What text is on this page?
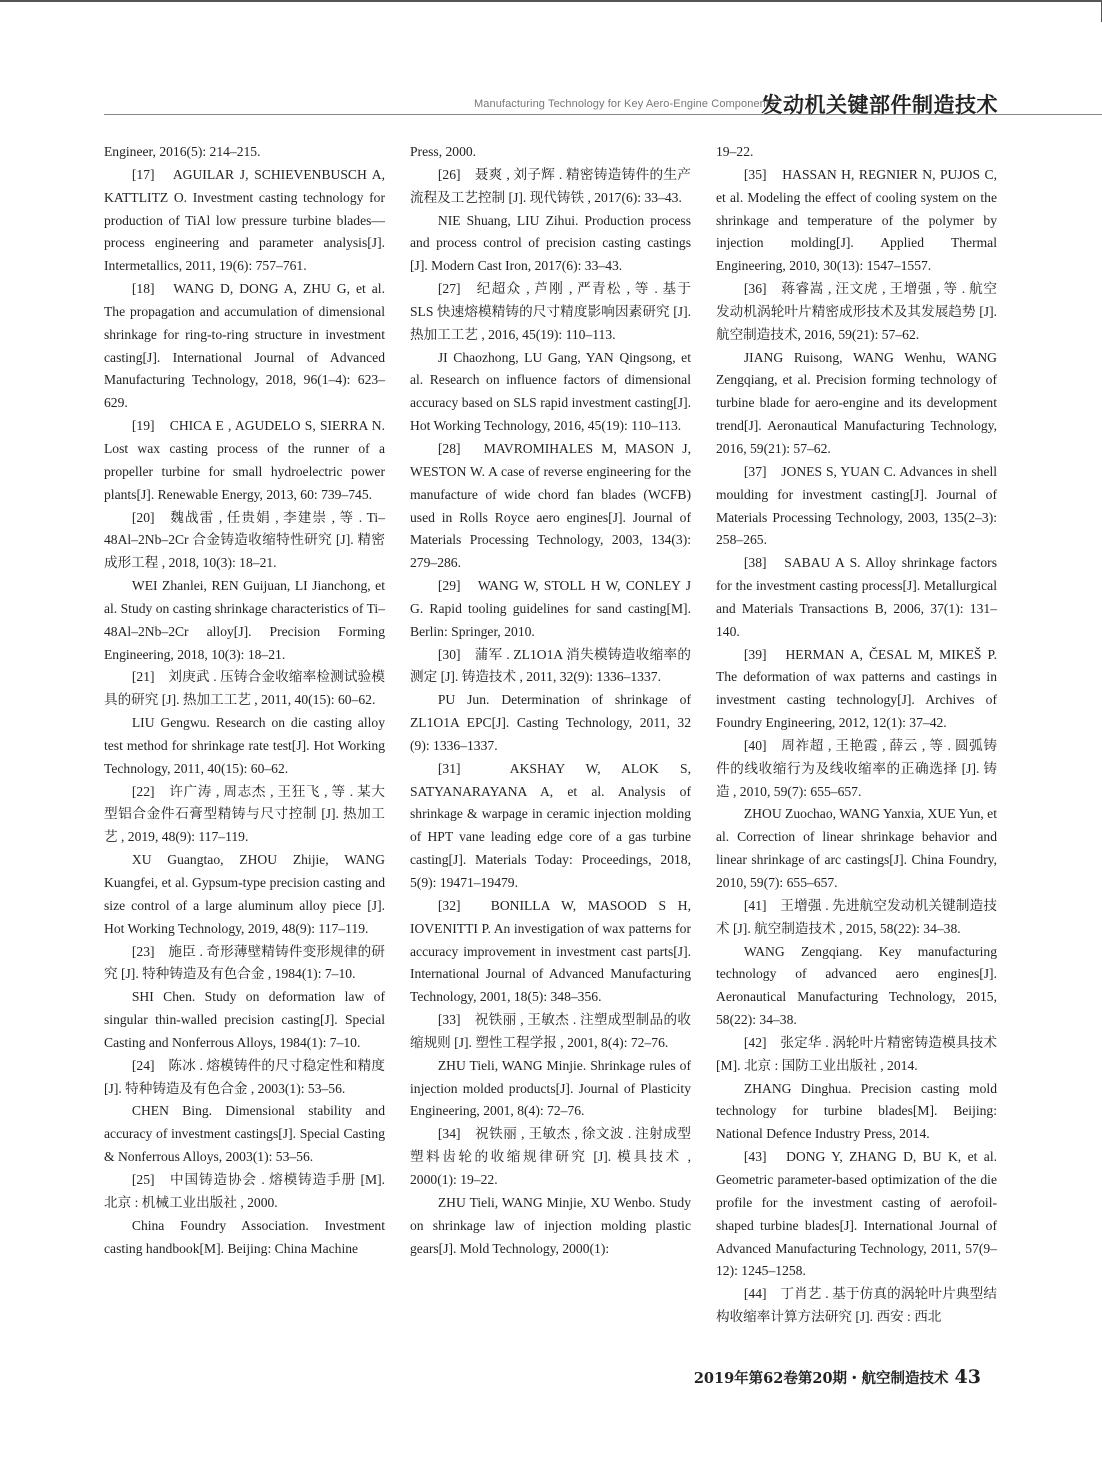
Manufacturing Technology for Key Aero-Engine Components
发动机关键部件制造技术

Engineer, 2016(5): 214–215.

[17]　AGUILAR J, SCHIEVENBUSCH A, KATTLITZ O. Investment casting technology for production of TiAl low pressure turbine blades—process engineering and parameter analysis[J]. Intermetallics, 2011, 19(6): 757–761.

[18]　WANG D, DONG A, ZHU G, et al. The propagation and accumulation of dimensional shrinkage for ring-to-ring structure in investment casting[J]. International Journal of Advanced Manufacturing Technology, 2018, 96(1–4): 623–629.

[19]　CHICA E , AGUDELO S, SIERRA N. Lost wax casting process of the runner of a propeller turbine for small hydroelectric power plants[J]. Renewable Energy, 2013, 60: 739–745.

[20]　魏战雷 , 任贵娟 , 李建崇 , 等 . Ti–48Al–2Nb–2Cr 合金铸造收缩特性研究 [J]. 精密成形工程 , 2018, 10(3): 18–21.

WEI Zhanlei, REN Guijuan, LI Jianchong, et al. Study on casting shrinkage characteristics of Ti–48Al–2Nb–2Cr alloy[J]. Precision Forming Engineering, 2018, 10(3): 18–21.

[21]　刘庚武 . 压铸合金收缩率检测试验模具的研究 [J]. 热加工工艺 , 2011, 40(15): 60–62.

LIU Gengwu. Research on die casting alloy test method for shrinkage rate test[J]. Hot Working Technology, 2011, 40(15): 60–62.

[22]　许广涛 , 周志杰 , 王狂飞 , 等 . 某大型铝合金件石膏型精铸与尺寸控制 [J]. 热加工艺 , 2019, 48(9): 117–119.

XU Guangtao, ZHOU Zhijie, WANG Kuangfei, et al. Gypsum-type precision casting and size control of a large aluminum alloy piece [J]. Hot Working Technology, 2019, 48(9): 117–119.

[23]　施臣 . 奇形薄壁精铸件变形规律的研究 [J]. 特种铸造及有色合金 , 1984(1): 7–10.

SHI Chen. Study on deformation law of singular thin-walled precision casting[J]. Special Casting and Nonferrous Alloys, 1984(1): 7–10.

[24]　陈冰 . 熔模铸件的尺寸稳定性和精度 [J]. 特种铸造及有色合金 , 2003(1): 53–56.

CHEN Bing. Dimensional stability and accuracy of investment castings[J]. Special Casting & Nonferrous Alloys, 2003(1): 53–56.

[25]　中国铸造协会 . 熔模铸造手册 [M]. 北京 : 机械工业出版社 , 2000.

China Foundry Association. Investment casting handbook[M]. Beijing: China Machine

Press, 2000.

[26]　聂爽 , 刘子辉 . 精密铸造铸件的生产流程及工艺控制 [J]. 现代铸铁 , 2017(6): 33–43.

NIE Shuang, LIU Zihui. Production process and process control of precision casting castings [J]. Modern Cast Iron, 2017(6): 33–43.

[27]　纪超众 , 芦刚 , 严青松 , 等 . 基于 SLS 快速熔模精铸的尺寸精度影响因素研究 [J]. 热加工工艺 , 2016, 45(19): 110–113.

JI Chaozhong, LU Gang, YAN Qingsong, et al. Research on influence factors of dimensional accuracy based on SLS rapid investment casting[J]. Hot Working Technology, 2016, 45(19): 110–113.

[28]　MAVROMIHALES M, MASON J, WESTON W. A case of reverse engineering for the manufacture of wide chord fan blades (WCFB) used in Rolls Royce aero engines[J]. Journal of Materials Processing Technology, 2003, 134(3): 279–286.

[29]　WANG W, STOLL H W, CONLEY J G. Rapid tooling guidelines for sand casting[M]. Berlin: Springer, 2010.

[30]　蒲军 . ZL1O1A 消失模铸造收缩率的测定 [J]. 铸造技术 , 2011, 32(9): 1336–1337.

PU Jun. Determination of shrinkage of ZL1O1A EPC[J]. Casting Technology, 2011, 32 (9): 1336–1337.

[31]　AKSHAY W, ALOK S, SATYANARAYANA A, et al. Analysis of shrinkage & warpage in ceramic injection molding of HPT vane leading edge core of a gas turbine casting[J]. Materials Today: Proceedings, 2018, 5(9): 19471–19479.

[32]　BONILLA W, MASOOD S H, IOVENITTI P. An investigation of wax patterns for accuracy improvement in investment cast parts[J]. International Journal of Advanced Manufacturing Technology, 2001, 18(5): 348–356.

[33]　祝铁丽 , 王敏杰 . 注塑成型制品的收缩规则 [J]. 塑性工程学报 , 2001, 8(4): 72–76.

ZHU Tieli, WANG Minjie. Shrinkage rules of injection molded products[J]. Journal of Plasticity Engineering, 2001, 8(4): 72–76.

[34]　祝铁丽 , 王敏杰 , 徐文波 . 注射成型塑料齿轮的收缩规律研究 [J]. 模具技术 , 2000(1): 19–22.

ZHU Tieli, WANG Minjie, XU Wenbo. Study on shrinkage law of injection molding plastic gears[J]. Mold Technology, 2000(1):

19–22.

[35]　HASSAN H, REGNIER N, PUJOS C, et al. Modeling the effect of cooling system on the shrinkage and temperature of the polymer by injection molding[J]. Applied Thermal Engineering, 2010, 30(13): 1547–1557.

[36]　蒋睿嵩 , 汪文虎 , 王增强 , 等 . 航空发动机涡轮叶片精密成形技术及其发展趋势 [J]. 航空制造技术, 2016, 59(21): 57–62.

JIANG Ruisong, WANG Wenhu, WANG Zengqiang, et al. Precision forming technology of turbine blade for aero-engine and its development trend[J]. Aeronautical Manufacturing Technology, 2016, 59(21): 57–62.

[37]　JONES S, YUAN C. Advances in shell moulding for investment casting[J]. Journal of Materials Processing Technology, 2003, 135(2–3): 258–265.

[38]　SABAU A S. Alloy shrinkage factors for the investment casting process[J]. Metallurgical and Materials Transactions B, 2006, 37(1): 131–140.

[39]　HERMAN A, ČESAL M, MIKEŠ P. The deformation of wax patterns and castings in investment casting technology[J]. Archives of Foundry Engineering, 2012, 12(1): 37–42.

[40]　周祚超 , 王艳霞 , 薛云 , 等 . 圆弧铸件的线收缩行为及线收缩率的正确选择 [J]. 铸造 , 2010, 59(7): 655–657.

ZHOU Zuochao, WANG Yanxia, XUE Yun, et al. Correction of linear shrinkage behavior and linear shrinkage of arc castings[J]. China Foundry, 2010, 59(7): 655–657.

[41]　王增强 . 先进航空发动机关键制造技术 [J]. 航空制造技术 , 2015, 58(22): 34–38.

WANG Zengqiang. Key manufacturing technology of advanced aero engines[J]. Aeronautical Manufacturing Technology, 2015, 58(22): 34–38.

[42]　张定华 . 涡轮叶片精密铸造模具技术 [M]. 北京 : 国防工业出版社 , 2014.

ZHANG Dinghua. Precision casting mold technology for turbine blades[M]. Beijing: National Defence Industry Press, 2014.

[43]　DONG Y, ZHANG D, BU K, et al. Geometric parameter-based optimization of the die profile for the investment casting of aerofoil-shaped turbine blades[J]. International Journal of Advanced Manufacturing Technology, 2011, 57(9–12): 1245–1258.

[44]　丁肖艺 . 基于仿真的涡轮叶片典型结构收缩率计算方法研究 [J]. 西安 : 西北

2019年第62卷第20期・航空制造技术 43
